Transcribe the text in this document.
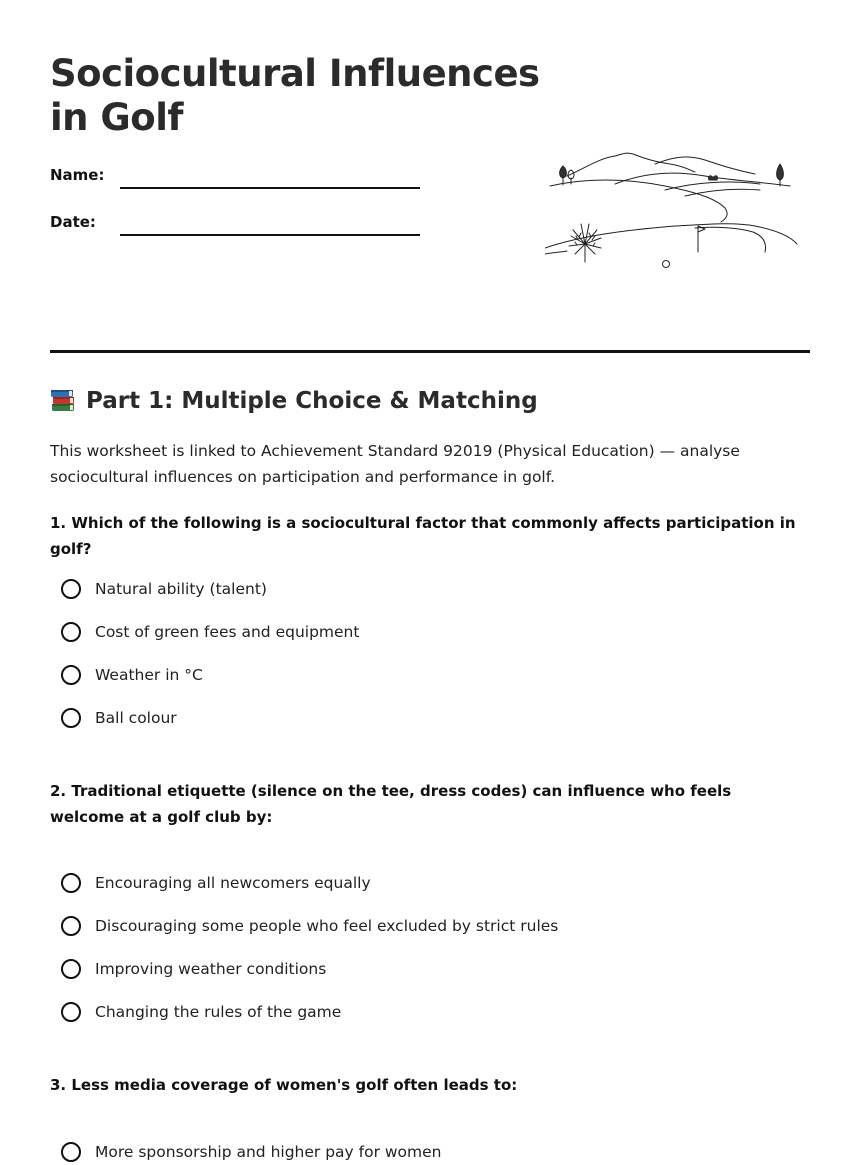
Sociocultural Influences in Golf
Name:
Date:
Part 1: Multiple Choice & Matching

This worksheet is linked to Achievement Standard 92019 (Physical Education) — analyse sociocultural influences on participation and performance in golf.

1. Which of the following is a sociocultural factor that commonly affects participation in golf?
Natural ability (talent)
Cost of green fees and equipment
Weather in °C
Ball colour
2. Traditional etiquette (silence on the tee, dress codes) can influence who feels welcome at a golf club by:
Encouraging all newcomers equally
Discouraging some people who feel excluded by strict rules
Improving weather conditions
Changing the rules of the game
3. Less media coverage of women's golf often leads to:
More sponsorship and higher pay for women
